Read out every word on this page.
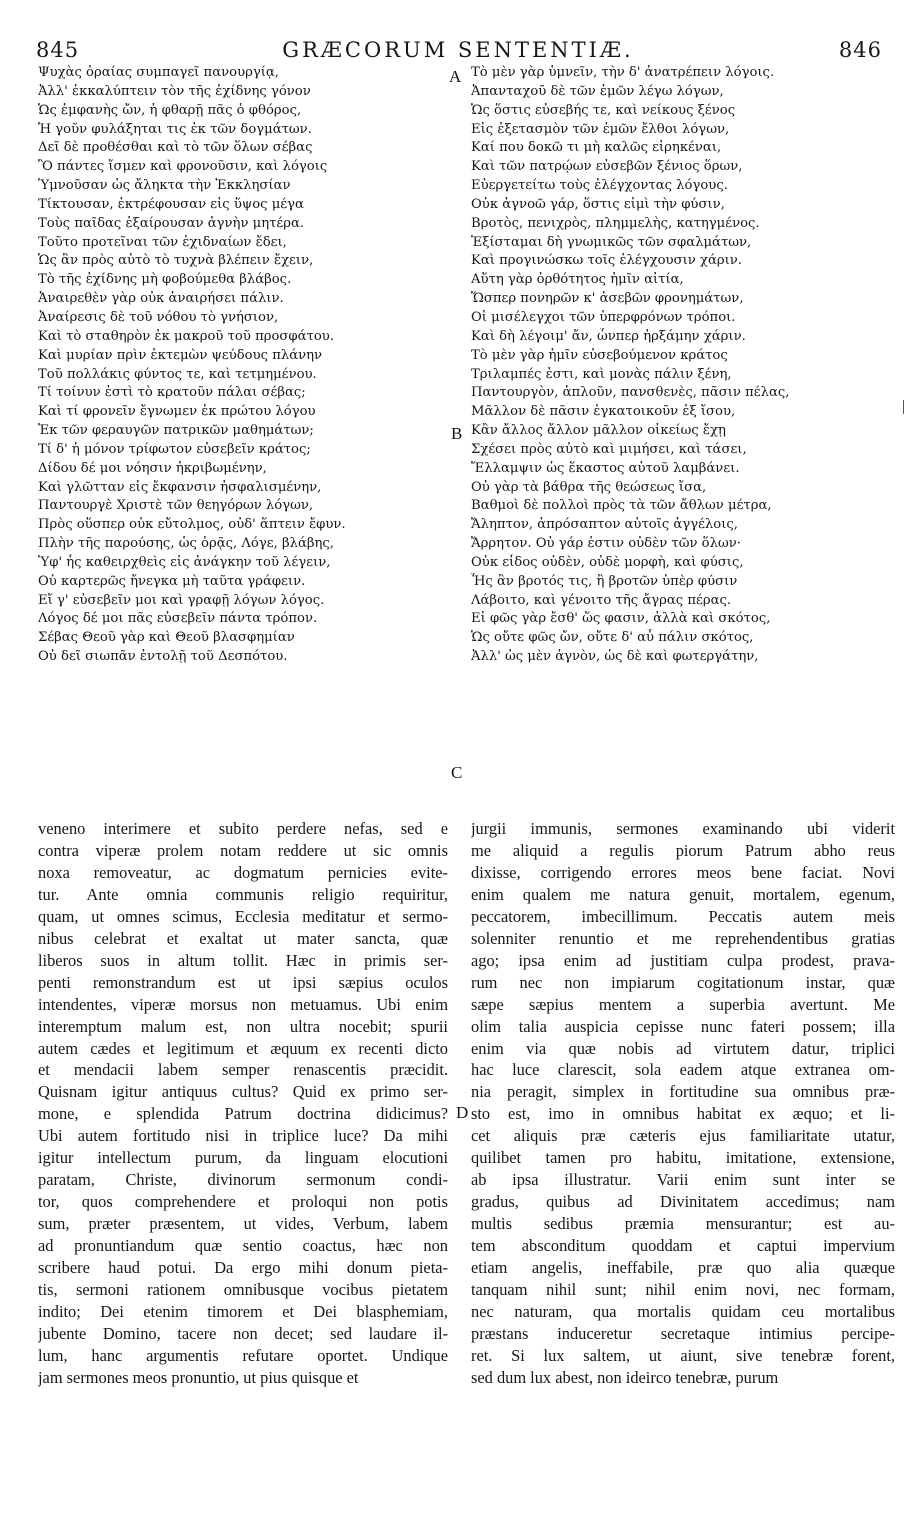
845	GRÆCORUM SENTENTIÆ.	846
Ψυχὰς ὁραίας συμπαγεῖ πανουργίᾳ,
Ἀλλ' ἐκκαλύπτειν τὸν τῆς ἐχίδνης γόνον
Ὡς ἐμφανὴς ὤν, ἡ φθαρῇ πᾶς ὁ φθόρος,
Ἡ γοῦν φυλάξηται τις ἐκ τῶν δογμάτων.
Δεῖ δὲ προθέσθαι καὶ τὸ τῶν ὅλων σέβας
Ὃ πάντες ἴσμεν καὶ φρονοῦσιν, καὶ λόγοις
Ὑμνοῦσαν ὡς ἄληκτα τὴν Ἐκκλησίαν
Τίκτουσαν, ἐκτρέφουσαν εἰς ὕψος μέγα
Τοὺς παῖδας ἐξαίρουσαν ἁγνὴν μητέρα.
Τοῦτο προτεῖναι τῶν ἐχιδναίων ἔδει,
Ὡς ἂν πρὸς αὐτὸ τὸ τυχνὰ βλέπειν ἔχειν,
Τὸ τῆς ἐχίδνης μὴ φοβούμεθα βλάβος.
Ἀναιρεθὲν γὰρ οὐκ ἀναιρήσει πάλιν.
Ἀναίρεσις δὲ τοῦ νόθου τὸ γνήσιον,
Καὶ τὸ σταθηρὸν ἐκ μακροῦ τοῦ προσφάτου.
Καὶ μυρίαν πρὶν ἐκτεμὼν ψεύδους πλάνην
Τοῦ πολλάκις φύντος τε, καὶ τετμημένου.
Τί τοίνυν ἐστὶ τὸ κρατοῦν πάλαι σέβας;
Καὶ τί φρονεῖν ἔγνωμεν ἐκ πρώτου λόγου
Ἐκ τῶν φεραυγῶν πατρικῶν μαθημάτων;
Τί δ' ἡ μόνον τρίφωτον εὐσεβεῖν κράτος;
Δίδου δέ μοι νόησιν ἠκριβωμένην,
Καὶ γλῶτταν εἰς ἔκφανσιν ἠσφαλισμένην,
Παντουργὲ Χριστὲ τῶν θεηγόρων λόγων,
Πρὸς οὕσπερ οὐκ εὔτολμος, οὐδ' ἅπτειν ἔφυν.
Πλὴν τῆς παρούσης, ὡς ὁρᾷς, Λόγε, βλάβης,
Ὑφ' ἧς καθειρχθεὶς εἰς ἀνάγκην τοῦ λέγειν,
Οὐ καρτερῶς ἤνεγκα μὴ ταῦτα γράφειν.
Εἴ γ' εὐσεβεῖν μοι καὶ γραφῇ λόγων λόγος.
Λόγος δέ μοι πᾶς εὐσεβεῖν πάντα τρόπον.
Σέβας Θεοῦ γὰρ καὶ Θεοῦ βλασφημίαν
Οὐ δεῖ σιωπᾶν ἐντολῇ τοῦ Δεσπότου.
Τὸ μὲν γὰρ ὑμνεῖν, τὴν δ' ἀνατρέπειν λόγοις.
Ἀπανταχοῦ δὲ τῶν ἐμῶν λέγω λόγων,
Ὡς ὅστις εὐσεβής τε, καὶ νείκους ξένος
Εἰς ἐξετασμὸν τῶν ἐμῶν ἔλθοι λόγων,
Καί που δοκῶ τι μὴ καλῶς εἰρηκέναι,
Καὶ τῶν πατρῴων εὐσεβῶν ξένιος ὅρων,
Εὐεργετείτω τοὺς ἐλέγχοντας λόγους.
Οὐκ ἀγνοῶ γάρ, ὅστις εἰμὶ τὴν φύσιν,
Βροτὸς, πενιχρὸς, πλημμελὴς, κατηγμένος.
Ἐξίσταμαι δὴ γνωμικῶς τῶν σφαλμάτων,
Καὶ προγινώσκω τοῖς ἐλέγχουσιν χάριν.
Αὕτη γὰρ ὀρθότητος ἡμῖν αἰτία,
Ὥσπερ πονηρῶν κ' ἀσεβῶν φρονημάτων,
Οἱ μισέλεγχοι τῶν ὑπερφρόνων τρόποι.
Καὶ δὴ λέγοιμ' ἄν, ὧνπερ ἠρξάμην χάριν.
Τὸ μὲν γὰρ ἡμῖν εὐσεβούμενον κράτος
Τριλαμπές ἐστι, καὶ μονὰς πάλιν ξένη,
Παντουργὸν, ἁπλοῦν, πανσθενὲς, πᾶσιν πέλας,
Μᾶλλον δὲ πᾶσιν ἐγκατοικοῦν ἐξ ἴσου,
Κἂν ἄλλος ἄλλον μᾶλλον οἰκείως ἔχῃ
Σχέσει πρὸς αὐτὸ καὶ μιμήσει, καὶ τάσει,
Ἔλλαμψιν ὡς ἕκαστος αὐτοῦ λαμβάνει.
Οὐ γὰρ τὰ βάθρα τῆς θεώσεως ἴσα,
Βαθμοὶ δὲ πολλοὶ πρὸς τὰ τῶν ἄθλων μέτρα,
Ἄληπτον, ἀπρόσαπτον αὐτοῖς ἀγγέλοις,
Ἄρρητον. Οὐ γάρ ἐστιν οὐδὲν τῶν ὅλων·
Οὐκ εἶδος οὐδὲν, οὐδὲ μορφὴ, καὶ φύσις,
Ἧς ἂν βροτός τις, ἢ βροτῶν ὑπὲρ φύσιν
Λάβοιτο, καὶ γένοιτο τῆς ἄγρας πέρας.
Εἰ φῶς γὰρ ἔσθ' ὥς φασιν, ἀλλὰ καὶ σκότος,
Ὡς οὔτε φῶς ὤν, οὔτε δ' αὖ πάλιν σκότος,
Ἀλλ' ὡς μὲν ἁγνὸν, ὡς δὲ καὶ φωτεργάτην,
veneno interimere et subito perdere nefas, sed e
contra viperæ prolem notam reddere ut sic omnis
noxa removeatur, ac dogmatum pernicies evite-
tur. Ante omnia communis religio requiritur,
quam, ut omnes scimus, Ecclesia meditatur et sermo-
nibus celebrat et exaltat ut mater sancta, quæ
liberos suos in altum tollit. Hæc in primis ser-
penti remonstrandum est ut ipsi sæpius oculos
intendentes, viperæ morsus non metuamus. Ubi enim
interemptum malum est, non ultra nocebit; spurii
autem cædes et legitimum et æquum ex recenti dicto
et mendacii labem semper renascentis præcidit.
Quisnam igitur antiquus cultus? Quid ex primo ser-
mone, e splendida Patrum doctrina didicimus?
Ubi autem fortitudo nisi in triplice luce? Da mihi
igitur intellectum purum, da linguam elocutioni
paratam, Christe, divinorum sermonum condi-
tor, quos comprehendere et proloqui non potis
sum, præter præsentem, ut vides, Verbum, labem
ad pronuntiandum quæ sentio coactus, hæc non
scribere haud potui. Da ergo mihi donum pieta-
tis, sermoni rationem omnibusque vocibus pietatem
indito; Dei etenim timorem et Dei blasphemiam,
jubente Domino, tacere non decet; sed laudare il-
lum, hanc argumentis refutare oportet. Undique
jam sermones meos pronuntio, ut pius quisque et
jurgii immunis, sermones examinando ubi viderit
me aliquid a regulis piorum Patrum abho reus
dixisse, corrigendo errores meos bene faciat. Novi
enim qualem me natura genuit, mortalem, egenum,
peccatorem, imbecillimum. Peccatis autem meis
solenniter renuntio et me reprehendentibus gratias
ago; ipsa enim ad justitiam culpa prodest, prava-
rum nec non impiarum cogitationum instar, quæ
sæpe sæpius mentem a superbia avertunt. Me
olim talia auspicia cepisse nunc fateri possem; illa
enim via quæ nobis ad virtutem datur, triplici
hac luce clarescit, sola eadem atque extranea om-
nia peragit, simplex in fortitudine sua omnibus præ-
sto est, imo in omnibus habitat ex æquo; et li-
cet aliquis præ cæteris ejus familiaritate utatur,
quilibet tamen pro habitu, imitatione, extensione,
ab ipsa illustratur. Varii enim sunt inter se
gradus, quibus ad Divinitatem accedimus; nam
multis sedibus præmia mensurantur; est au-
tem absconditum quoddam et captui impervium
etiam angelis, ineffabile, præ quo alia quæque
tanquam nihil sunt; nihil enim novi, nec formam,
nec naturam, qua mortalis quidam ceu mortalibus
præstans induceretur secretaque intimius percipe-
ret. Si lux saltem, ut aiunt, sive tenebræ forent,
sed dum lux abest, non ideirco tenebræ, purum
A
B
C
D
